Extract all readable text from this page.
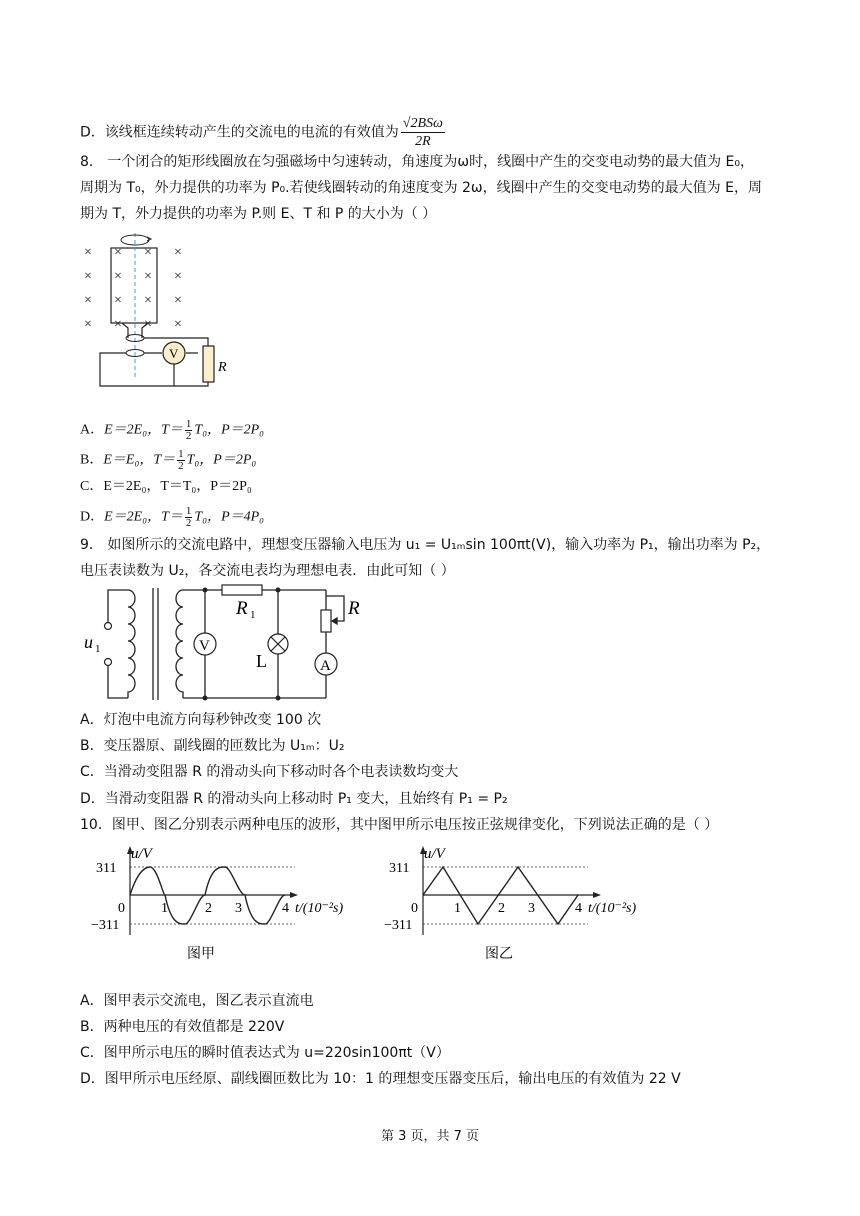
D．该线框连续转动产生的交流电的电流的有效值为
√2BSω
2R
8． 一个闭合的矩形线圈放在匀强磁场中匀速转动，角速度为ω时，线圈中产生的交变电动势的最大值为 E₀，
周期为 T₀，外力提供的功率为 P₀.若使线圈转动的角速度变为 2ω，线圈中产生的交变电动势的最大值为 E，周
期为 T，外力提供的功率为 P.则 E、T 和 P 的大小为（ ）
× × × ×
× × × ×
× × × ×
× × × ×
V
R
A．E＝2E₀，$T= \frac{1}{2} T_0$，P＝2P₀
B．E＝E₀，$T= \frac{1}{2} T_0$，P＝2P₀
C．E＝2E₀，T＝T₀，P＝2P₀
D．E＝2E₀，$T= \frac{1}{2} T_0$，P＝4P₀
9． 如图所示的交流电路中，理想变压器输入电压为 u₁ = U₁ₘsin 100πt(V)，输入功率为 P₁，输出功率为 P₂，
电压表读数为 U₂，各交流电表均为理想电表．由此可知（ ）
u 1
R 1
V
L
R
A
A．灯泡中电流方向每秒钟改变 100 次
B．变压器原、副线圈的匝数比为 U₁ₘ：U₂
C．当滑动变阻器 R 的滑动头向下移动时各个电表读数均变大
D．当滑动变阻器 R 的滑动头向上移动时 P₁ 变大，且始终有 P₁ = P₂
10．图甲、图乙分别表示两种电压的波形，其中图甲所示电压按正弦规律变化，下列说法正确的是（ ）
u/V
311
−311
0	1	2 3	4 t/(10⁻²s)
图甲
u/V
311
−311
0	1	2 3	4 t/(10⁻²s)
图乙
A．图甲表示交流电，图乙表示直流电
B．两种电压的有效值都是 220V
C．图甲所示电压的瞬时值表达式为 u=220sin100πt（V）
D．图甲所示电压经原、副线圈匝数比为 10：1 的理想变压器变压后，输出电压的有效值为 22 V
第 3 页，共 7 页
